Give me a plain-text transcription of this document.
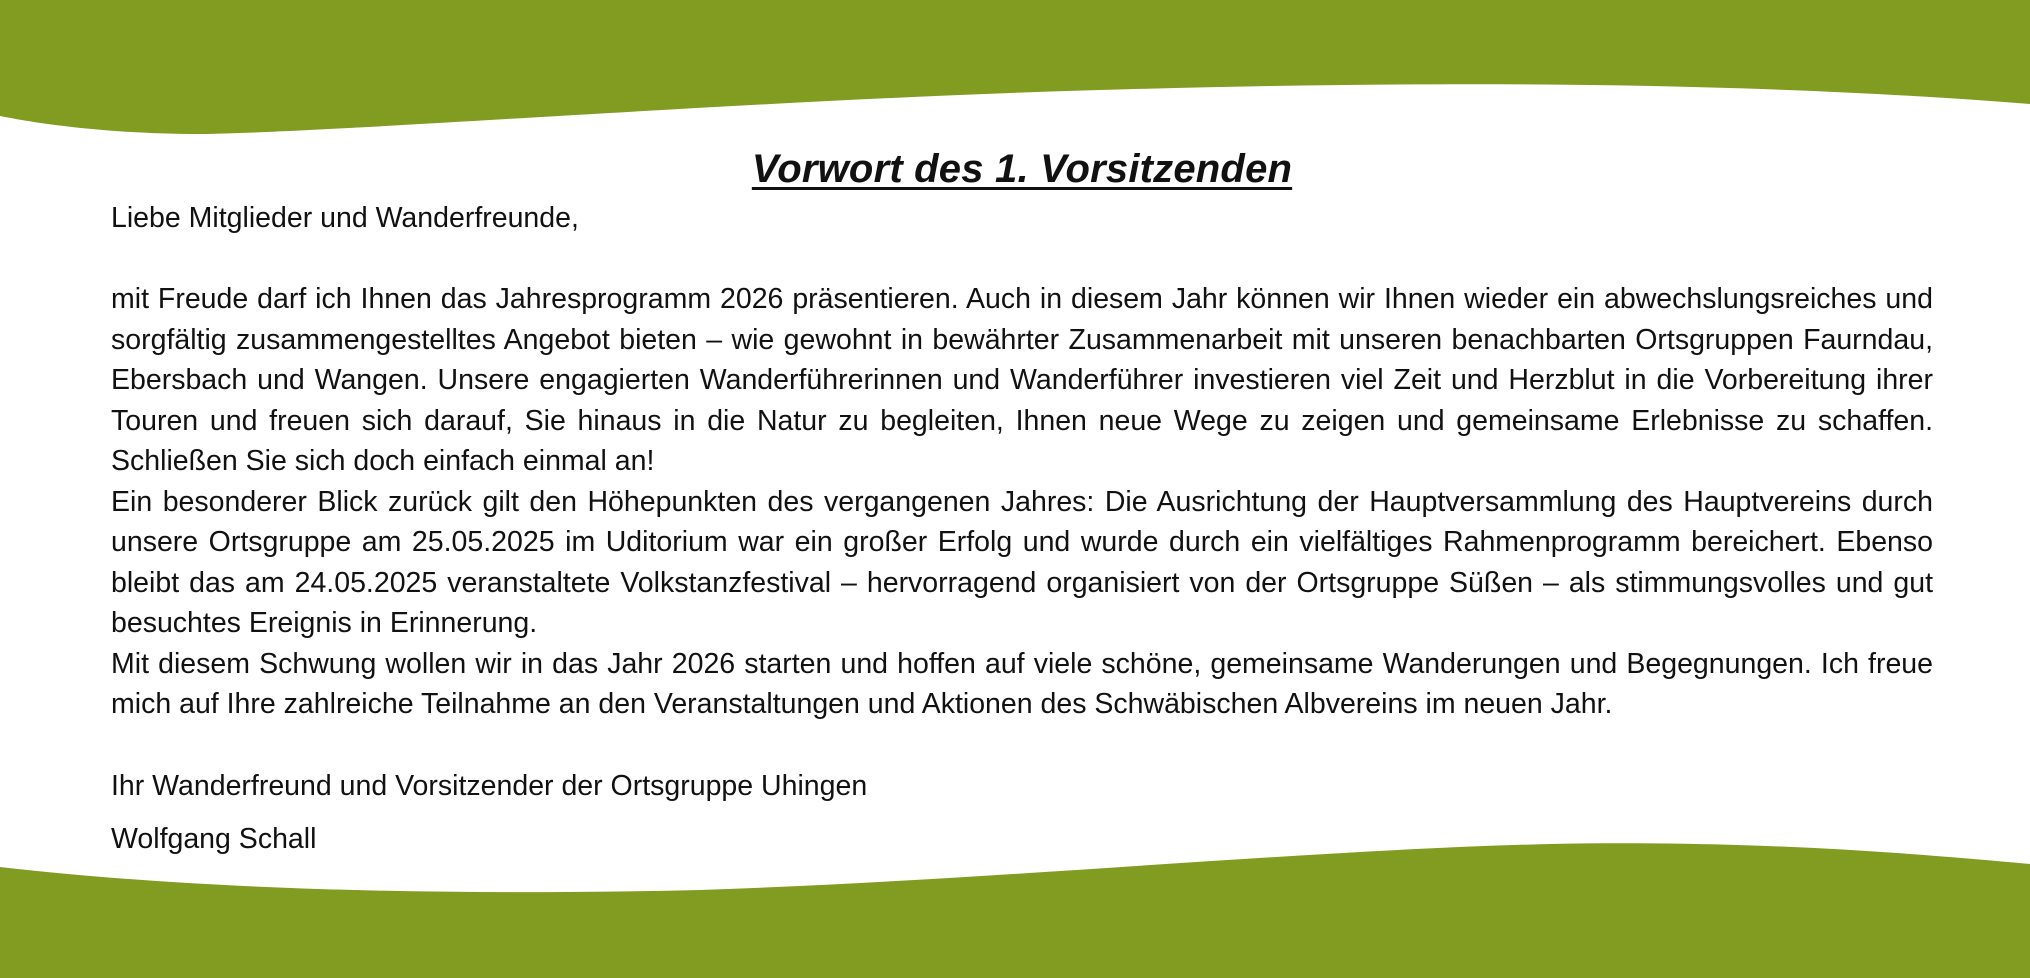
Vorwort des 1. Vorsitzenden

Liebe Mitglieder und Wanderfreunde,

mit Freude darf ich Ihnen das Jahresprogramm 2026 präsentieren. Auch in diesem Jahr können wir Ihnen wieder ein abwechslungsreiches und sorgfältig zusammengestelltes Angebot bieten – wie gewohnt in bewährter Zusammenarbeit mit unseren benachbarten Ortsgruppen Faurndau, Ebersbach und Wangen. Unsere engagierten Wanderführerinnen und Wanderführer investieren viel Zeit und Herzblut in die Vorbereitung ihrer Touren und freuen sich darauf, Sie hinaus in die Natur zu begleiten, Ihnen neue Wege zu zeigen und gemeinsame Erlebnisse zu schaffen. Schließen Sie sich doch einfach einmal an!

Ein besonderer Blick zurück gilt den Höhepunkten des vergangenen Jahres: Die Ausrichtung der Hauptversammlung des Hauptvereins durch unsere Ortsgruppe am 25.05.2025 im Uditorium war ein großer Erfolg und wurde durch ein vielfältiges Rahmenprogramm bereichert. Ebenso bleibt das am 24.05.2025 veranstaltete Volkstanzfestival – hervorragend organisiert von der Ortsgruppe Süßen – als stimmungsvolles und gut besuchtes Ereignis in Erinnerung.

Mit diesem Schwung wollen wir in das Jahr 2026 starten und hoffen auf viele schöne, gemeinsame Wanderungen und Begegnungen. Ich freue mich auf Ihre zahlreiche Teilnahme an den Veranstaltungen und Aktionen des Schwäbischen Albvereins im neuen Jahr.

Ihr Wanderfreund und Vorsitzender der Ortsgruppe Uhingen

Wolfgang Schall
